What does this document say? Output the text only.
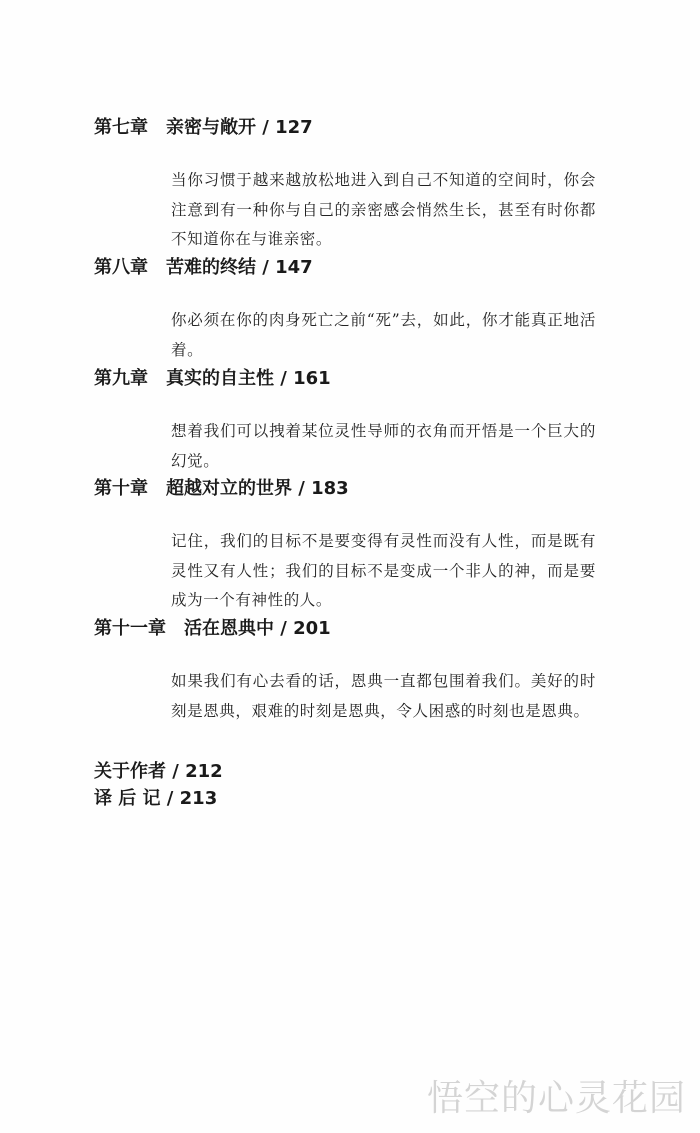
第七章 亲密与敞开 / 127
当你习惯于越来越放松地进入到自己不知道的空间时，你会注意到有一种你与自己的亲密感会悄然生长，甚至有时你都不知道你在与谁亲密。
第八章 苦难的终结 / 147
你必须在你的肉身死亡之前“死”去，如此，你才能真正地活着。
第九章 真实的自主性 / 161
想着我们可以拽着某位灵性导师的衣角而开悟是一个巨大的幻觉。
第十章 超越对立的世界 / 183
记住，我们的目标不是要变得有灵性而没有人性，而是既有灵性又有人性；我们的目标不是变成一个非人的神，而是要成为一个有神性的人。
第十一章 活在恩典中 / 201
如果我们有心去看的话，恩典一直都包围着我们。美好的时刻是恩典，艰难的时刻是恩典，令人困惑的时刻也是恩典。
关于作者 / 212
译 后 记 / 213
悟空的心灵花园
